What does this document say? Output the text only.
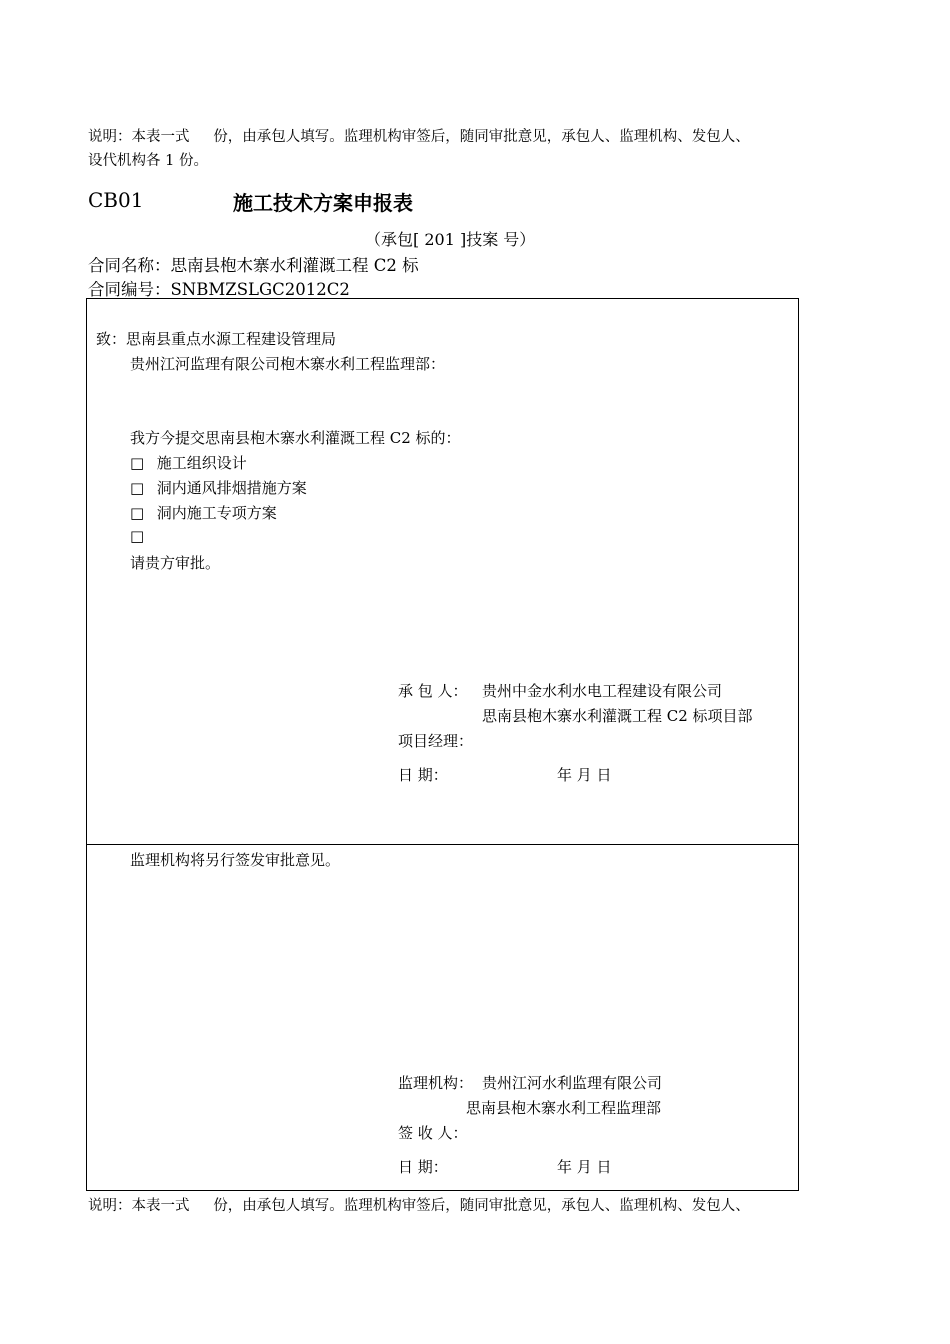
说明：本表一式 　 份，由承包人填写。监理机构审签后，随同审批意见，承包人、监理机构、发包人、
设代机构各 1 份。
CB01	施工技术方案申报表
（承包[ 201 ]技案 号）
合同名称：思南县枹木寨水利灌溉工程 C2 标
合同编号：SNBMZSLGC2012C2
致：思南县重点水源工程建设管理局
贵州江河监理有限公司枹木寨水利工程监理部：
我方今提交思南县枹木寨水利灌溉工程 C2 标的：
□ 施工组织设计
□ 洞内通风排烟措施方案
□ 洞内施工专项方案
□
请贵方审批。
承 包 人： 贵州中金水利水电工程建设有限公司
思南县枹木寨水利灌溉工程 C2 标项目部
项目经理：
日 期：	年 月 日
监理机构将另行签发审批意见。
监理机构： 贵州江河水利监理有限公司
思南县枹木寨水利工程监理部
签 收 人：
日 期：	年 月 日
说明：本表一式 　 份，由承包人填写。监理机构审签后，随同审批意见，承包人、监理机构、发包人、
